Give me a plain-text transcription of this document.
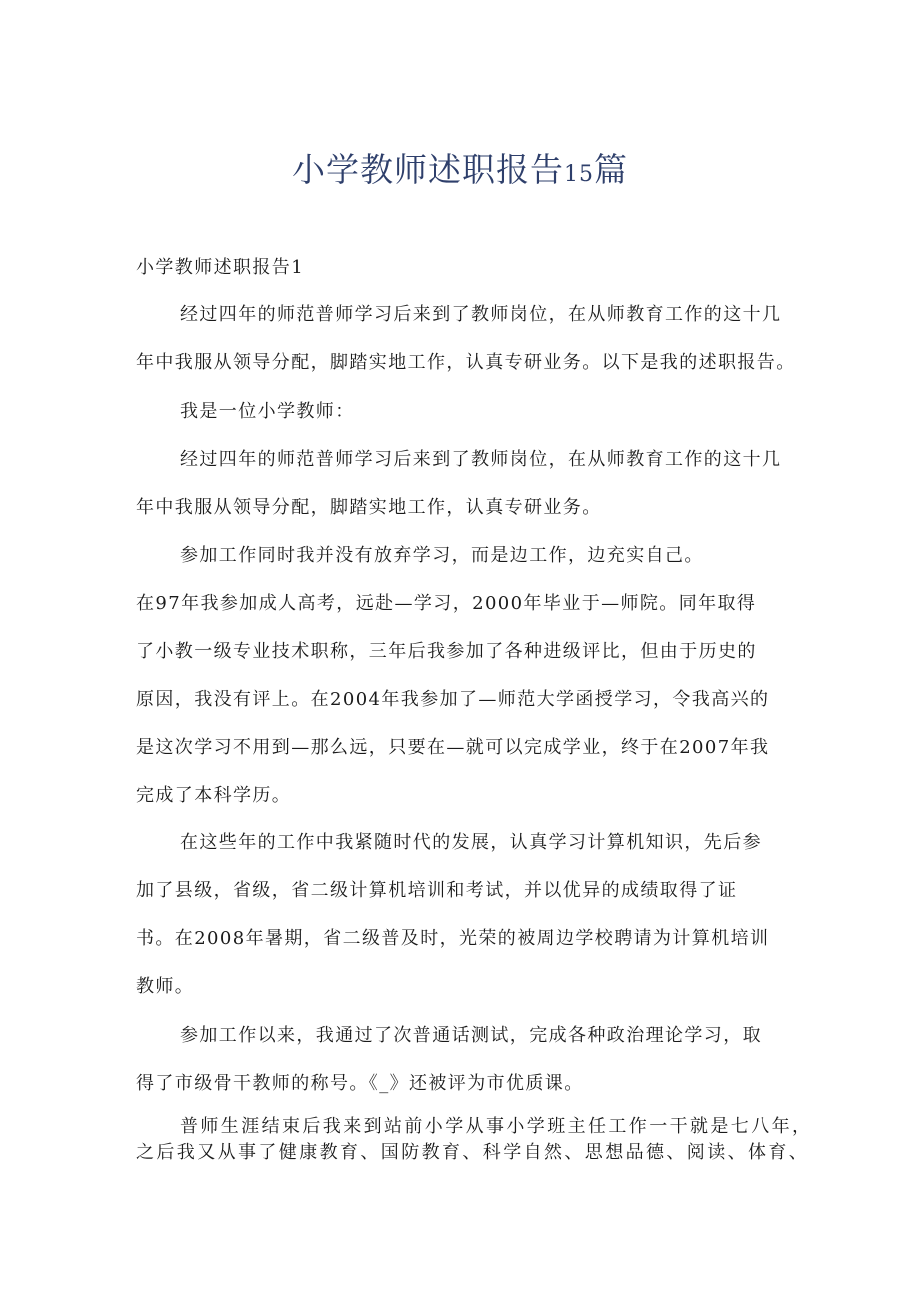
小学教师述职报告15篇
小学教师述职报告1
经过四年的师范普师学习后来到了教师岗位，在从师教育工作的这十几
年中我服从领导分配，脚踏实地工作，认真专研业务。以下是我的述职报告。
我是一位小学教师：
经过四年的师范普师学习后来到了教师岗位，在从师教育工作的这十几
年中我服从领导分配，脚踏实地工作，认真专研业务。
参加工作同时我并没有放弃学习，而是边工作，边充实自己。
在97年我参加成人高考，远赴—学习，2000年毕业于—师院。同年取得
了小教一级专业技术职称，三年后我参加了各种进级评比，但由于历史的
原因，我没有评上。在2004年我参加了—师范大学函授学习，令我高兴的
是这次学习不用到—那么远，只要在—就可以完成学业，终于在2007年我
完成了本科学历。
在这些年的工作中我紧随时代的发展，认真学习计算机知识，先后参
加了县级，省级，省二级计算机培训和考试，并以优异的成绩取得了证
书。在2008年暑期，省二级普及时，光荣的被周边学校聘请为计算机培训
教师。
参加工作以来，我通过了次普通话测试，完成各种政治理论学习，取
得了市级骨干教师的称号。《_》还被评为市优质课。
普师生涯结束后我来到站前小学从事小学班主任工作一干就是七八年，
之后我又从事了健康教育、国防教育、科学自然、思想品德、阅读、体育、
